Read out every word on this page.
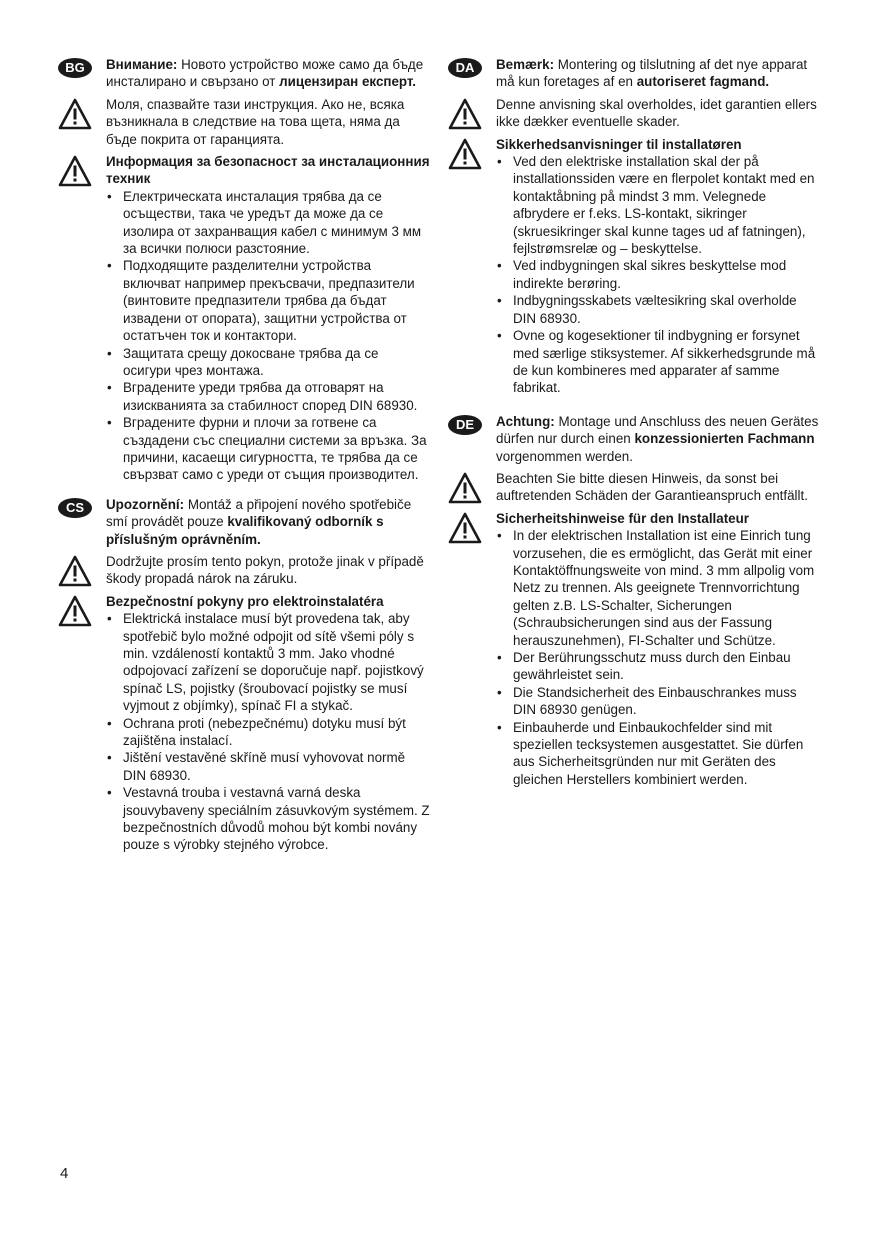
BG	Внимание: Новото устройство може само да бъде инсталирано и свързано от лицензиран експерт.

Моля, спазвайте тази инструкция. Ако не, всяка възникнала в следствие на това щета, няма да бъде покрита от гаранцията.

Информация за безопасност за инсталационния техник

• Електрическата инсталация трябва да се осъществи, така че уредът да може да се изолира от захранващия кабел с минимум 3 мм за всички полюси разстояние.
• Подходящите разделителни устройства включват например прекъсвачи, предпазители (винтовите предпазители трябва да бъдат извадени от опората), защитни устройства от остатъчен ток и контактори.
• Защитата срещу докосване трябва да се осигури чрез монтажа.
• Вградените уреди трябва да отговарят на изискванията за стабилност според DIN 68930.
• Вградените фурни и плочи за готвене са създадени със специални системи за връзка. За причини, касаещи сигурността, те трябва да се свързват само с уреди от същия производител.
CS	Upozornění: Montáž a připojení nového spotřebiče smí provádět pouze kvalifikovaný odborník s příslušným oprávněním.

Dodržujte prosím tento pokyn, protože jinak v případě škody propadá nárok na záruku.

Bezpečnostní pokyny pro elektroinstalatéra

• Elektrická instalace musí být provedena tak, aby spotřebič bylo možné odpojit od sítě všemi póly s min. vzdáleností kontaktů 3 mm. Jako vhodné odpojovací zařízení se doporučuje např. pojistkový spínač LS, pojistky (šroubovací pojistky se musí vyjmout z objímky), spínač FI a stykač.
• Ochrana proti (nebezpečnému) dotyku musí být zajištěna instalací.
• Jištění vestavěné skříně musí vyhovovat normě DIN 68930.
• Vestavná trouba i vestavná varná deska jsouvybaveny speciálním zásuvkovým systémem. Z bezpečnostních důvodů mohou být kombi novány pouze s výrobky stejného výrobce.
DA	Bemærk: Montering og tilslutning af det nye apparat må kun foretages af en autoriseret fagmand.

Denne anvisning skal overholdes, idet garantien ellers ikke dækker eventuelle skader.

Sikkerhedsanvisninger til installatøren

• Ved den elektriske installation skal der på installationssiden være en flerpolet kontakt med en kontaktåbning på mindst 3 mm. Velegnede afbrydere er f.eks. LS-kontakt, sikringer (skruesikringer skal kunne tages ud af fatningen), fejlstrømsrelæ og – beskyttelse.
• Ved indbygningen skal sikres beskyttelse mod indirekte berøring.
• Indbygningsskabets væltesikring skal overholde DIN 68930.
• Ovne og kogesektioner til indbygning er forsynet med særlige stiksystemer. Af sikkerhedsgrunde må de kun kombineres med apparater af samme fabrikat.
DE	Achtung: Montage und Anschluss des neuen Gerätes dürfen nur durch einen konzessionierten Fachmann vorgenommen werden.

Beachten Sie bitte diesen Hinweis, da sonst bei auftretenden Schäden der Garantieanspruch entfällt.

Sicherheitshinweise für den Installateur

• In der elektrischen Installation ist eine Einrich tung vorzusehen, die es ermöglicht, das Gerät mit einer Kontaktöffnungsweite von mind. 3 mm allpolig vom Netz zu trennen. Als geeignete Trennvorrichtung gelten z.B. LS-Schalter, Sicherungen (Schraubsicherungen sind aus der Fassung herauszunehmen), FI-Schalter und Schütze.
• Der Berührungsschutz muss durch den Einbau gewährleistet sein.
• Die Standsicherheit des Einbauschrankes muss DIN 68930 genügen.
• Einbauherde und Einbaukochfelder sind mit speziellen tecksystemen ausgestattet. Sie dürfen aus Sicherheitsgründen nur mit Geräten des gleichen Herstellers kombiniert werden.
4
